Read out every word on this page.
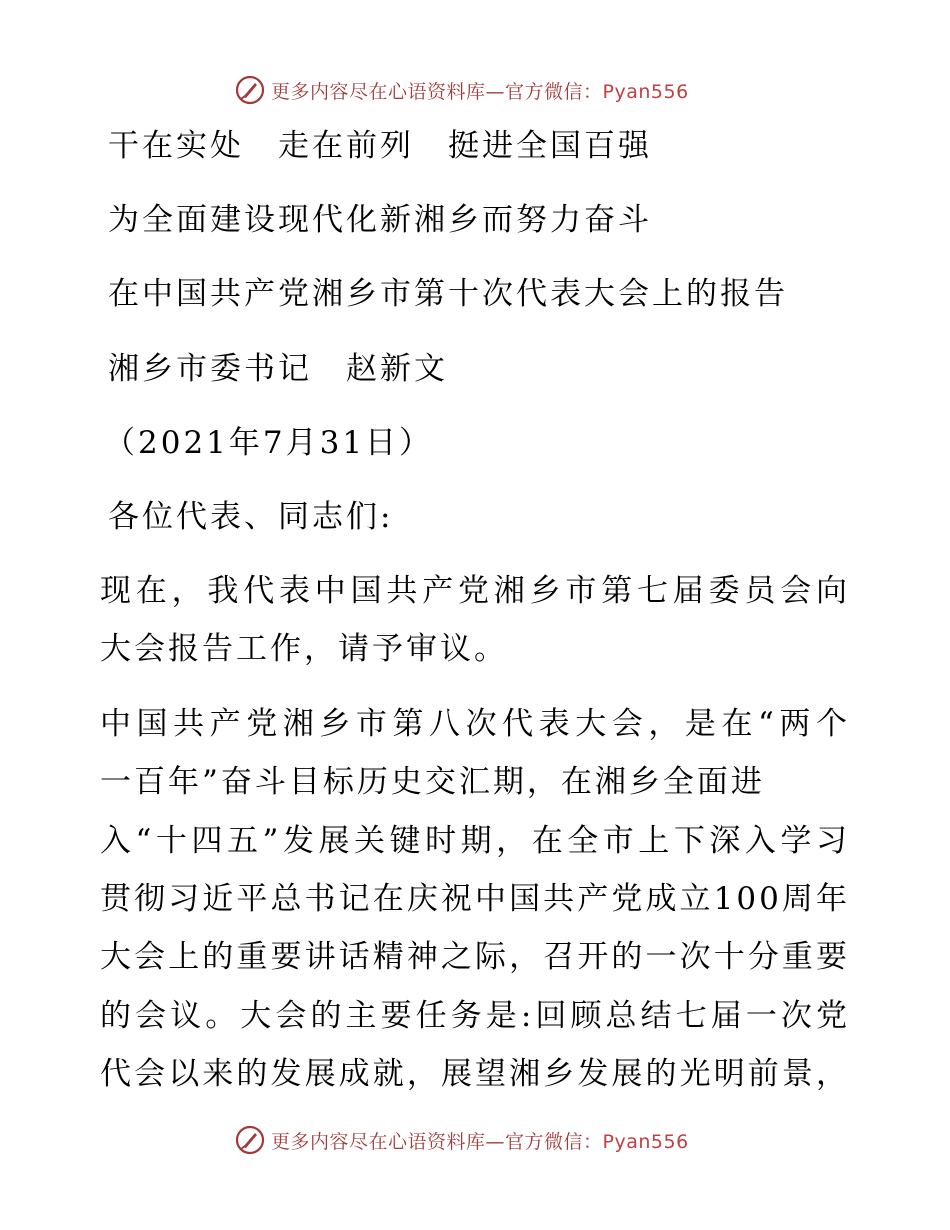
更多内容尽在心语资料库—官方微信：Pyan556
干在实处　走在前列　挺进全国百强
为全面建设现代化新湘乡而努力奋斗
在中国共产党湘乡市第十次代表大会上的报告
湘乡市委书记　赵新文
（2021年7月31日）
各位代表、同志们:
现在，我代表中国共产党湘乡市第七届委员会向
大会报告工作，请予审议。
中国共产党湘乡市第八次代表大会，是在“两个
一百年”奋斗目标历史交汇期，在湘乡全面进
入“十四五”发展关键时期，在全市上下深入学习
贯彻习近平总书记在庆祝中国共产党成立100周年
大会上的重要讲话精神之际，召开的一次十分重要
的会议。大会的主要任务是:回顾总结七届一次党
代会以来的发展成就，展望湘乡发展的光明前景，
更多内容尽在心语资料库—官方微信：Pyan556
